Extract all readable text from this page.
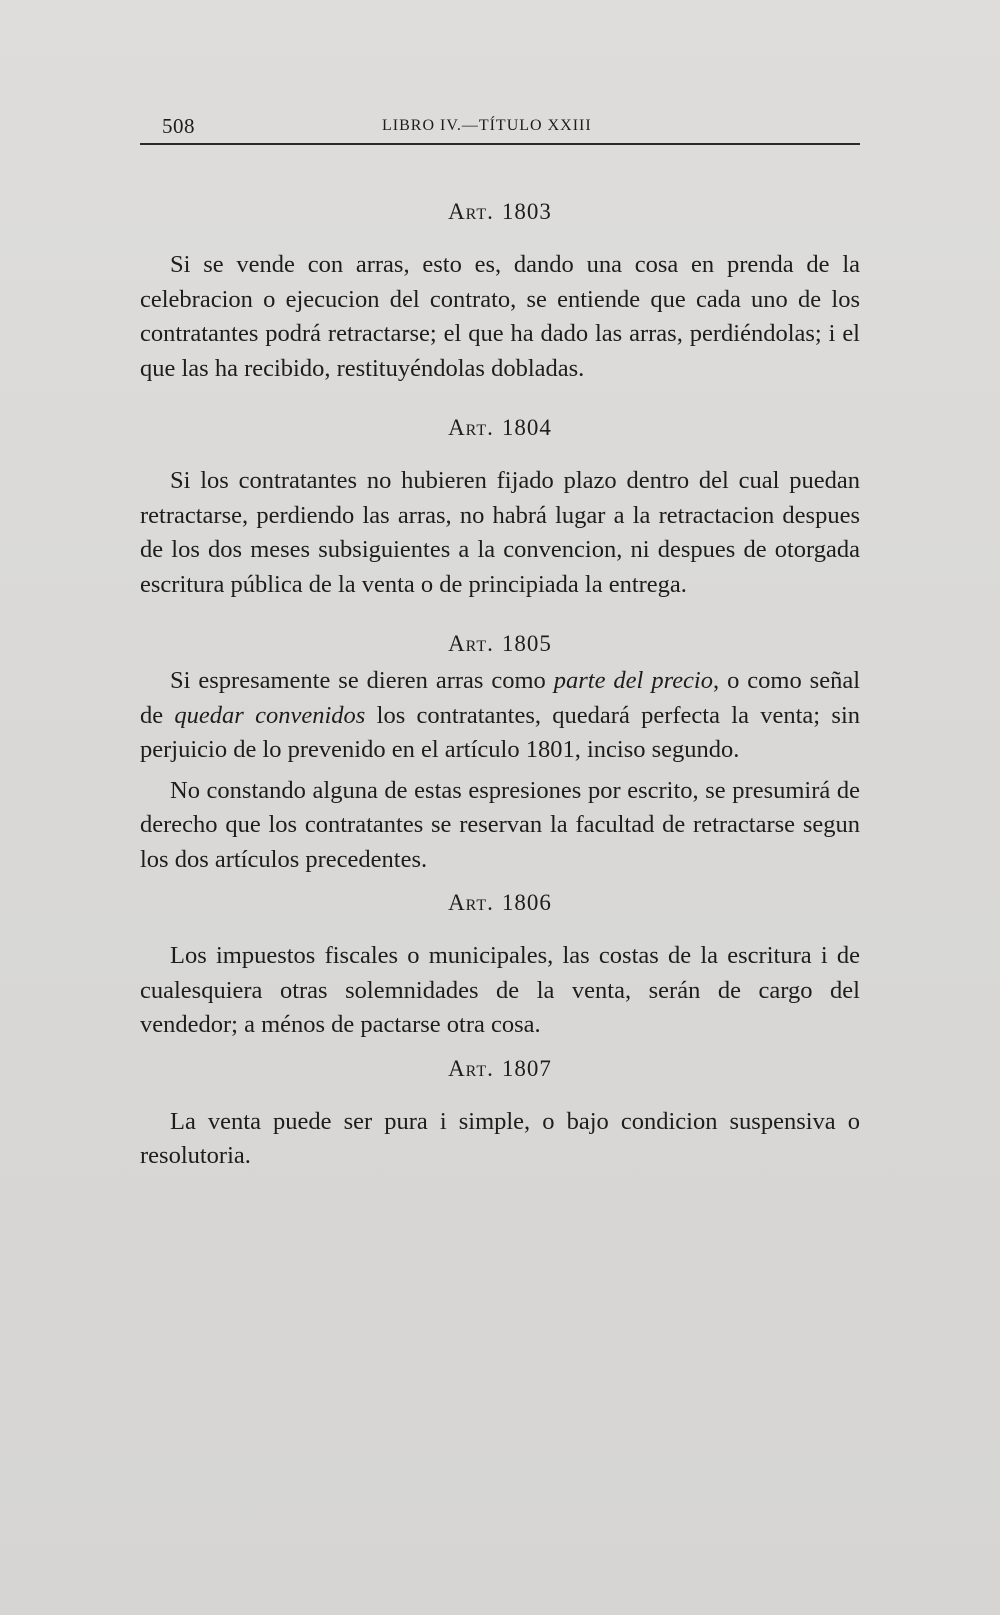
508	LIBRO IV.—TÍTULO XXIII
Art. 1803

Si se vende con arras, esto es, dando una cosa en prenda de la celebracion o ejecucion del contrato, se entiende que cada uno de los contratantes podrá retractarse; el que ha dado las arras, perdiéndolas; i el que las ha recibido, restituyéndolas dobladas.

Art. 1804

Si los contratantes no hubieren fijado plazo dentro del cual puedan retractarse, perdiendo las arras, no habrá lugar a la retractacion despues de los dos meses subsiguientes a la convencion, ni despues de otorgada escritura pública de la venta o de principiada la entrega.

Art. 1805

Si espresamente se dieren arras como parte del precio, o como señal de quedar convenidos los contratantes, quedará perfecta la venta; sin perjuicio de lo prevenido en el artículo 1801, inciso segundo.

No constando alguna de estas espresiones por escrito, se presumirá de derecho que los contratantes se reservan la facultad de retractarse segun los dos artículos precedentes.

Art. 1806

Los impuestos fiscales o municipales, las costas de la escritura i de cualesquiera otras solemnidades de la venta, serán de cargo del vendedor; a ménos de pactarse otra cosa.

Art. 1807

La venta puede ser pura i simple, o bajo condicion suspensiva o resolutoria.
